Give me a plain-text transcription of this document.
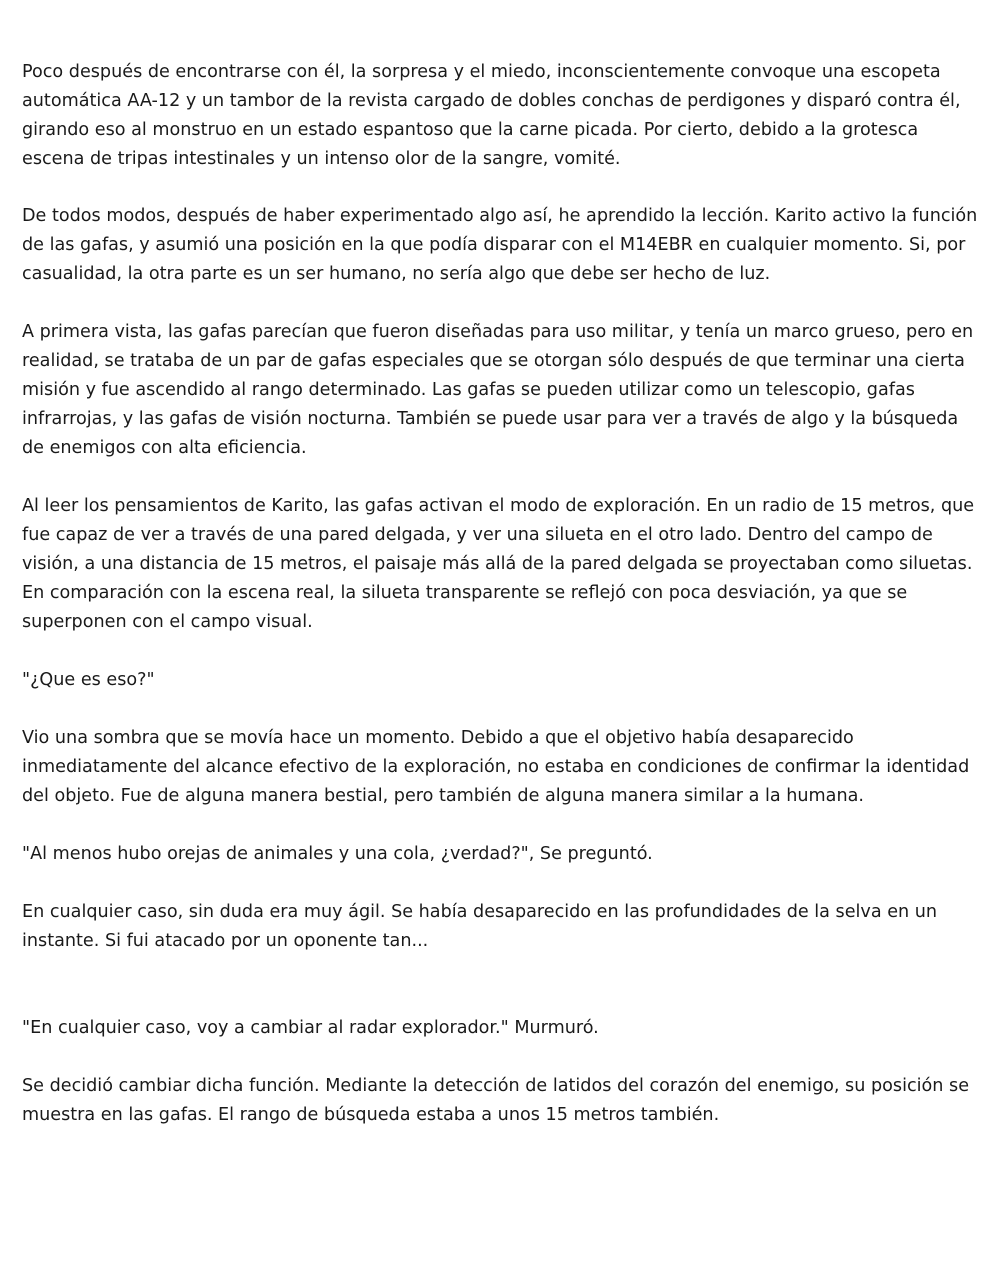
Poco después de encontrarse con él, la sorpresa y el miedo, inconscientemente convoque una escopeta automática AA-12 y un tambor de la revista cargado de dobles conchas de perdigones y disparó contra él, girando eso al monstruo en un estado espantoso que la carne picada. Por cierto, debido a la grotesca escena de tripas intestinales y un intenso olor de la sangre, vomité.

De todos modos, después de haber experimentado algo así, he aprendido la lección. Karito activo la función de las gafas, y asumió una posición en la que podía disparar con el M14EBR en cualquier momento. Si, por casualidad, la otra parte es un ser humano, no sería algo que debe ser hecho de luz.

A primera vista, las gafas parecían que fueron diseñadas para uso militar, y tenía un marco grueso, pero en realidad, se trataba de un par de gafas especiales que se otorgan sólo después de que terminar una cierta misión y fue ascendido al rango determinado. Las gafas se pueden utilizar como un telescopio, gafas infrarrojas, y las gafas de visión nocturna. También se puede usar para ver a través de algo y la búsqueda de enemigos con alta eficiencia.

Al leer los pensamientos de Karito, las gafas activan el modo de exploración. En un radio de 15 metros, que fue capaz de ver a través de una pared delgada, y ver una silueta en el otro lado. Dentro del campo de visión, a una distancia de 15 metros, el paisaje más allá de la pared delgada se proyectaban como siluetas. En comparación con la escena real, la silueta transparente se reflejó con poca desviación, ya que se superponen con el campo visual.

"¿Que es eso?"

Vio una sombra que se movía hace un momento. Debido a que el objetivo había desaparecido inmediatamente del alcance efectivo de la exploración, no estaba en condiciones de confirmar la identidad del objeto. Fue de alguna manera bestial, pero también de alguna manera similar a la humana.

"Al menos hubo orejas de animales y una cola, ¿verdad?", Se preguntó.

En cualquier caso, sin duda era muy ágil. Se había desaparecido en las profundidades de la selva en un instante. Si fui atacado por un oponente tan...

"En cualquier caso, voy a cambiar al radar explorador." Murmuró.

Se decidió cambiar dicha función. Mediante la detección de latidos del corazón del enemigo, su posición se muestra en las gafas. El rango de búsqueda estaba a unos 15 metros también.
